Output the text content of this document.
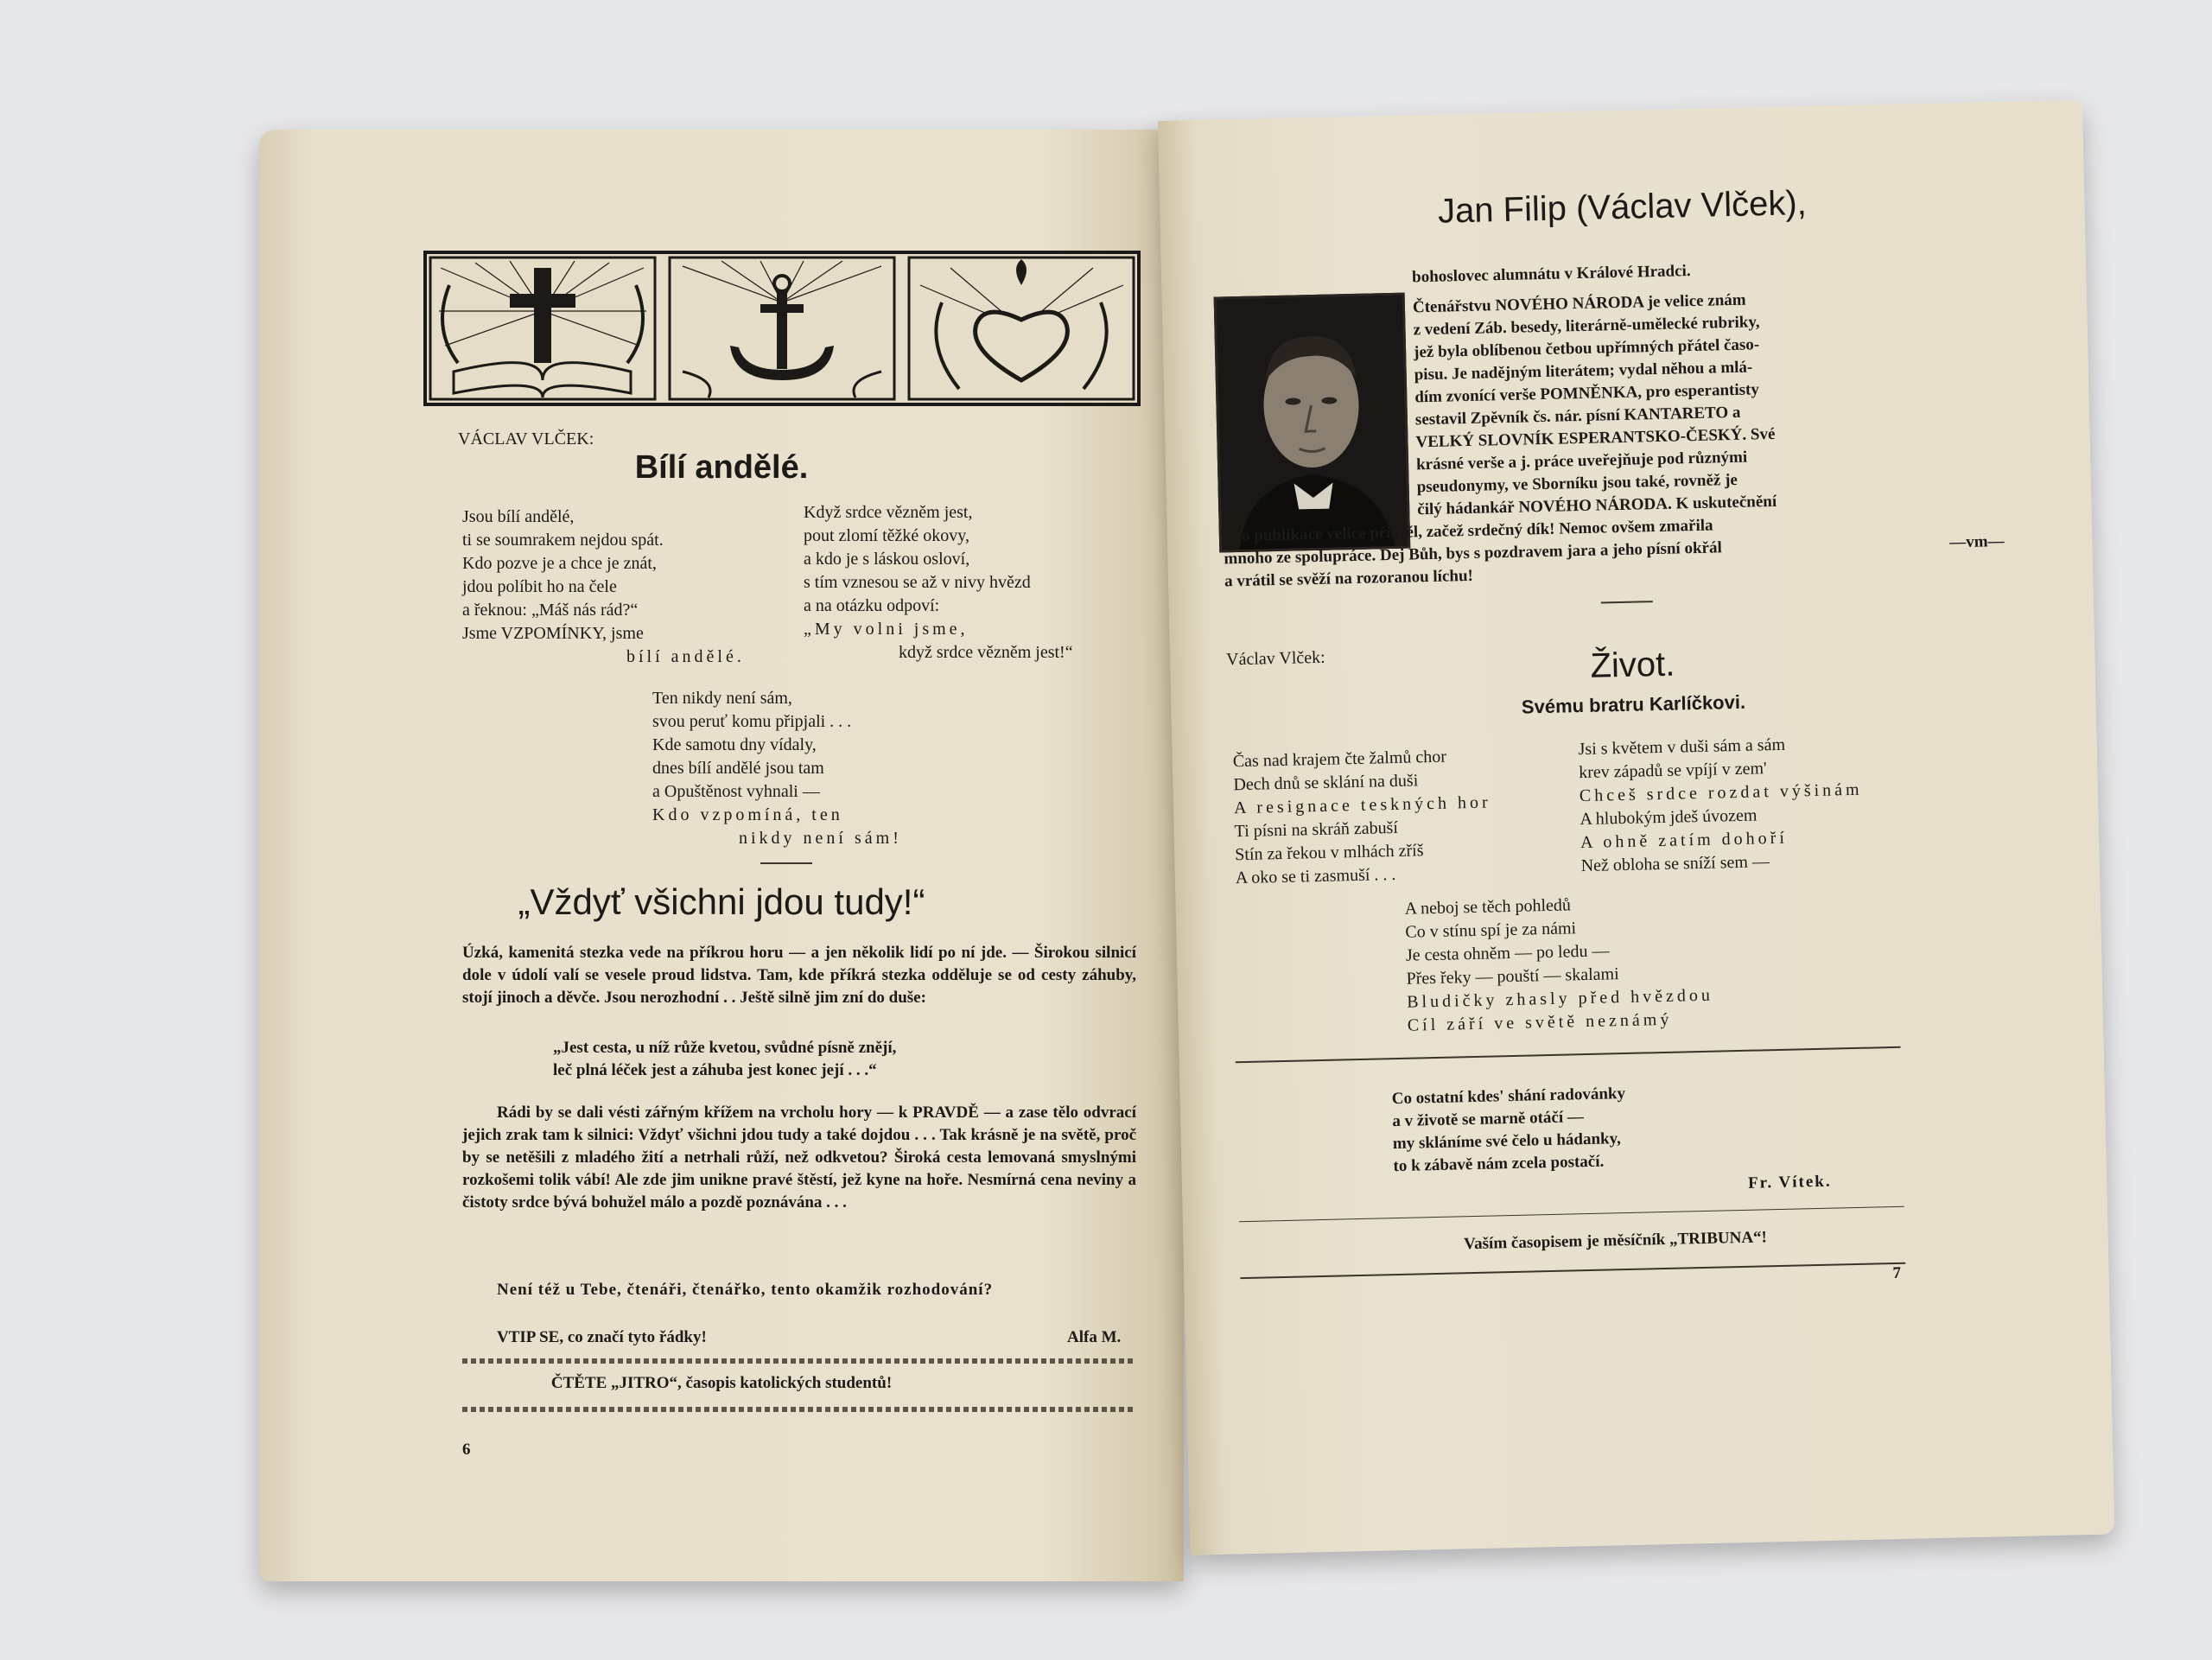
VÁCLAV VLČEK:
Bílí andělé.
Jsou bílí andělé,
ti se soumrakem nejdou spát.
Kdo pozve je a chce je znát,
jdou políbit ho na čele
a řeknou: „Máš nás rád?“
Jsme VZPOMÍNKY, jsme
bílí andělé.
Když srdce vězněm jest,
pout zlomí těžké okovy,
a kdo je s láskou osloví,
s tím vznesou se až v nivy hvězd
a na otázku odpoví:
„My volni jsme,
když srdce vězněm jest!“
Ten nikdy není sám,
svou peruť komu připjali . . .
Kde samotu dny vídaly,
dnes bílí andělé jsou tam
a Opuštěnost vyhnali —
Kdo vzpomíná, ten
nikdy není sám!
„Vždyť všichni jdou tudy!“
Úzká, kamenitá stezka vede na příkrou horu — a jen několik lidí po ní jde. — Širokou silnicí dole v údolí valí se vesele proud lidstva. Tam, kde příkrá stezka odděluje se od cesty záhuby, stojí jinoch a děvče. Jsou nerozhodní . . Ještě silně jim zní do duše:
„Jest cesta, u níž růže kvetou, svůdné písně znějí,
leč plná léček jest a záhuba jest konec její . . .“
Rádi by se dali vésti zářným křížem na vrcholu hory — k PRAVDĚ — a zase tělo odvrací jejich zrak tam k silnici: Vždyť všichni jdou tudy a také dojdou . . . Tak krásně je na světě, proč by se netěšili z mladého žití a netrhali růží, než odkvetou? Široká cesta lemovaná smyslnými rozkošemi tolik vábí! Ale zde jim unikne pravé štěstí, jež kyne na hoře. Nesmírná cena neviny a čistoty srdce bývá bohužel málo a pozdě poznávána . . .
Není též u Tebe, čtenáři, čtenářko, tento okamžik rozhodování?
VTIP SE, co značí tyto řádky!	Alfa M.
ČTĚTE „JITRO“, časopis katolických studentů!
6
Jan Filip (Václav Vlček),
bohoslovec alumnátu v Králové Hradci.
Čtenářstvu NOVÉHO NÁRODA je velice znám
z vedení Záb. besedy, literárně-umělecké rubriky,
jež byla oblíbenou četbou upřímných přátel časo-
pisu. Je nadějným literátem; vydal něhou a mlá-
dím zvonící verše POMNĚNKA, pro esperantisty
sestavil Zpěvník čs. nár. písní KANTARETO a
VELKÝ SLOVNÍK ESPERANTSKO-ČESKÝ. Své
krásné verše a j. práce uveřejňuje pod různými
pseudonymy, ve Sborníku jsou také, rovněž je
čilý hádankář NOVÉHO NÁRODA. K uskutečnění
této publikace velice přispěl, začež srdečný dík! Nemoc ovšem zmařila
mnoho ze spolupráce. Dej Bůh, bys s pozdravem jara a jeho písní okřál
a vrátil se svěží na rozoranou líchu!
—vm—
Václav Vlček:	Život.
Svému bratru Karlíčkovi.
Čas nad krajem čte žalmů chor
Dech dnů se sklání na duši
A resignace teskných hor
Ti písni na skráň zabuší
Stín za řekou v mlhách zříš
A oko se ti zasmuší . . .
Jsi s květem v duši sám a sám
krev západů se vpíjí v zem'
Chceš srdce rozdat výšinám
A hlubokým jdeš úvozem
A ohně zatím dohoří
Než obloha se sníží sem —
A neboj se těch pohledů
Co v stínu spí je za námi
Je cesta ohněm — po ledu —
Přes řeky — pouští — skalami
Bludičky zhasly před hvězdou
Cíl září ve světě neznámý
Co ostatní kdes' shání radovánky
a v životě se marně otáčí —
my skláníme své čelo u hádanky,
to k zábavě nám zcela postačí.
Fr. Vítek.
Vaším časopisem je měsíčník „TRIBUNA“!
7
